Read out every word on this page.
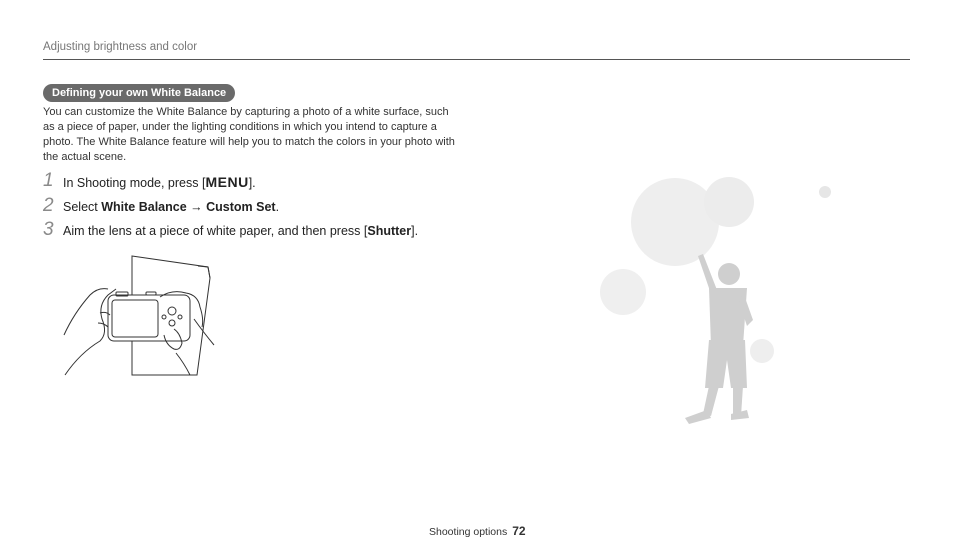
Adjusting brightness and color
Defining your own White Balance
You can customize the White Balance by capturing a photo of a white surface, such as a piece of paper, under the lighting conditions in which you intend to capture a photo. The White Balance feature will help you to match the colors in your photo with the actual scene.
1 In Shooting mode, press [MENU].
2 Select White Balance → Custom Set.
3 Aim the lens at a piece of white paper, and then press [Shutter].
Shooting options 72
